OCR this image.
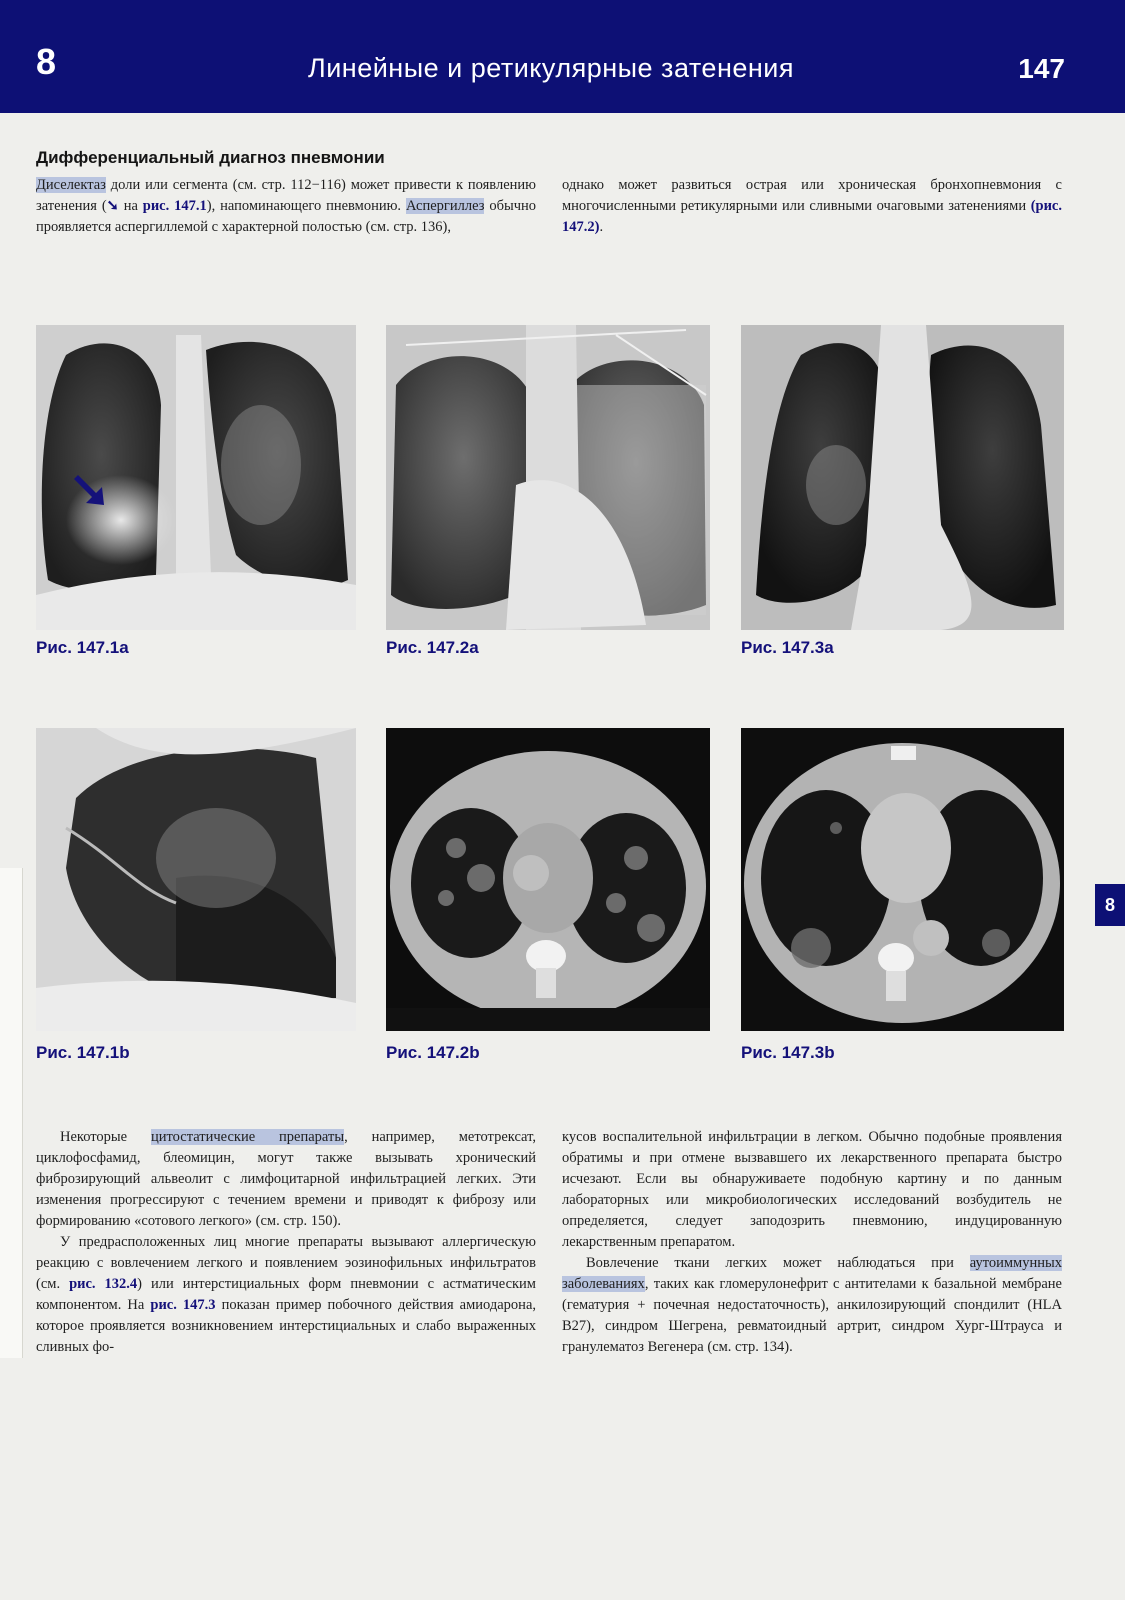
8	Линейные и ретикулярные затенения	147
Дифференциальный диагноз пневмонии
Диселектаз доли или сегмента (см. стр. 112−116) может привести к появлению затенения (➘ на рис. 147.1), напоминающего пневмонию. Аспергиллез обычно проявляется аспергиллемой с характерной полостью (см. стр. 136),
однако может развиться острая или хроническая бронхопневмония с многочисленными ретикулярными или сливными очаговыми затенениями (рис. 147.2).
Рис. 147.1a	Рис. 147.2a	Рис. 147.3a
Рис. 147.1b	Рис. 147.2b	Рис. 147.3b
8

Некоторые цитостатические препараты, например, метотрексат, циклофосфамид, блеомицин, могут также вызывать хронический фиброзирующий альвеолит с лимфоцитарной инфильтрацией легких. Эти изменения прогрессируют с течением времени и приводят к фиброзу или формированию «сотового легкого» (см. стр. 150).

У предрасположенных лиц многие препараты вызывают аллергическую реакцию с вовлечением легкого и появлением эозинофильных инфильтратов (см. рис. 132.4) или интерстициальных форм пневмонии с астматическим компонентом. На рис. 147.3 показан пример побочного действия амиодарона, которое проявляется возникновением интерстициальных и слабо выраженных сливных фо-

кусов воспалительной инфильтрации в легком. Обычно подобные проявления обратимы и при отмене вызвавшего их лекарственного препарата быстро исчезают. Если вы обнаруживаете подобную картину и по данным лабораторных или микробиологических исследований возбудитель не определяется, следует заподозрить пневмонию, индуцированную лекарственным препаратом.

Вовлечение ткани легких может наблюдаться при аутоиммунных заболеваниях, таких как гломерулонефрит с антителами к базальной мембране (гематурия + почечная недостаточность), анкилозирующий спондилит (HLA B27), синдром Шегрена, ревматоидный артрит, синдром Хург-Штрауса и гранулематоз Вегенера (см. стр. 134).
